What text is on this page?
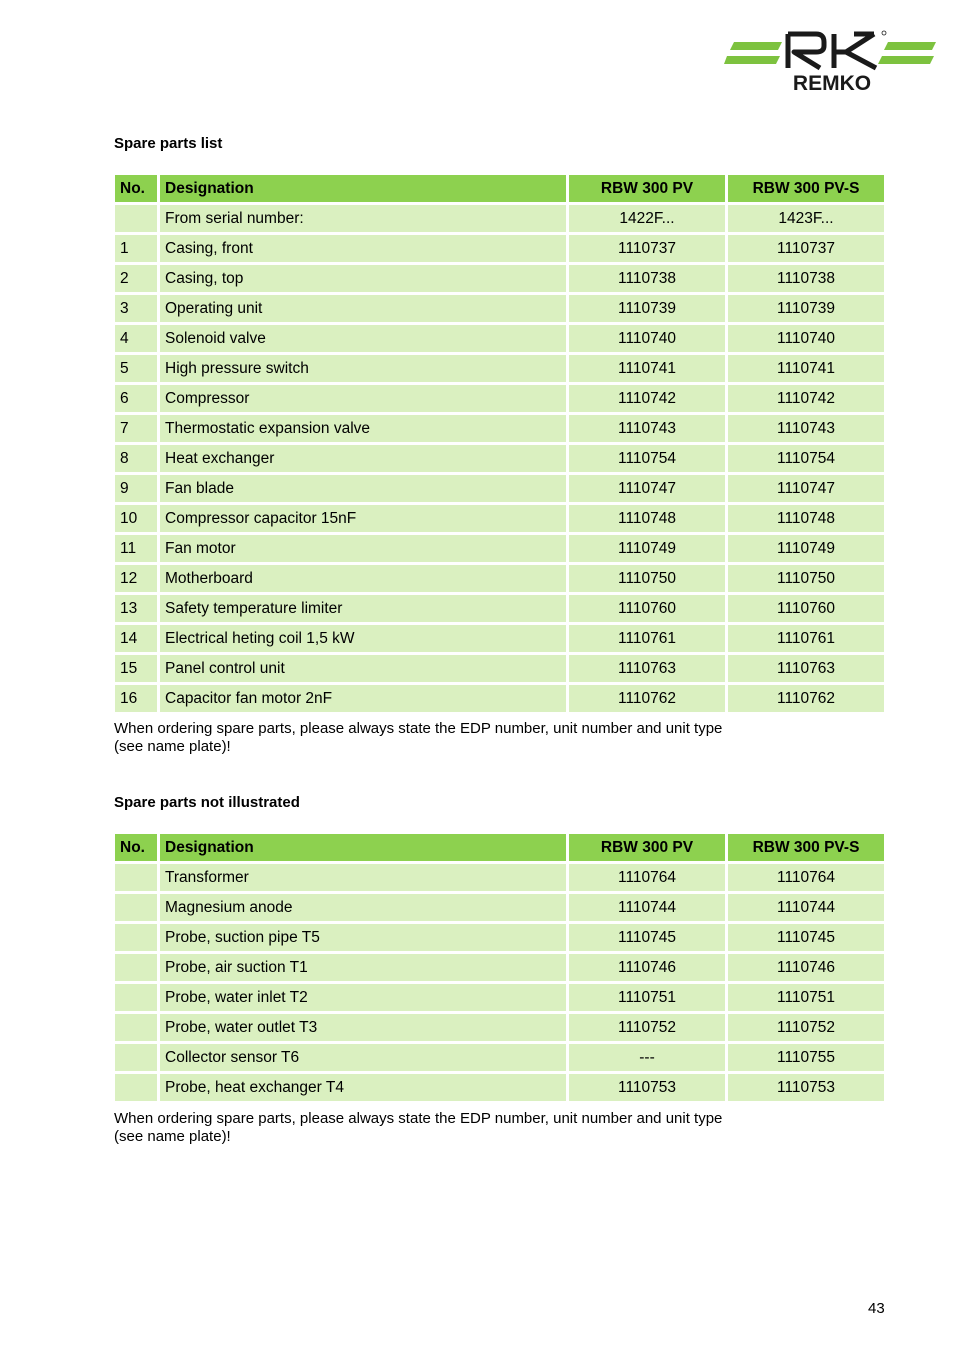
REMKO
Spare parts list
No.	Designation	RBW 300 PV	RBW 300 PV-S
	From serial number:	1422F...	1423F...
1	Casing, front	1110737	1110737
2	Casing, top	1110738	1110738
3	Operating unit	1110739	1110739
4	Solenoid valve	1110740	1110740
5	High pressure switch	1110741	1110741
6	Compressor	1110742	1110742
7	Thermostatic expansion valve	1110743	1110743
8	Heat exchanger	1110754	1110754
9	Fan blade	1110747	1110747
10	Compressor capacitor 15nF	1110748	1110748
11	Fan motor	1110749	1110749
12	Motherboard	1110750	1110750
13	Safety temperature limiter	1110760	1110760
14	Electrical heting coil 1,5 kW	1110761	1110761
15	Panel control unit	1110763	1110763
16	Capacitor fan motor 2nF	1110762	1110762
When ordering spare parts, please always state the EDP number, unit number and unit type
(see name plate)!
Spare parts not illustrated
No.	Designation	RBW 300 PV	RBW 300 PV-S
	Transformer	1110764	1110764
	Magnesium anode	1110744	1110744
	Probe, suction pipe T5	1110745	1110745
	Probe, air suction T1	1110746	1110746
	Probe, water inlet T2	1110751	1110751
	Probe, water outlet T3	1110752	1110752
	Collector sensor T6	---	1110755
	Probe, heat exchanger T4	1110753	1110753
When ordering spare parts, please always state the EDP number, unit number and unit type
(see name plate)!
43
